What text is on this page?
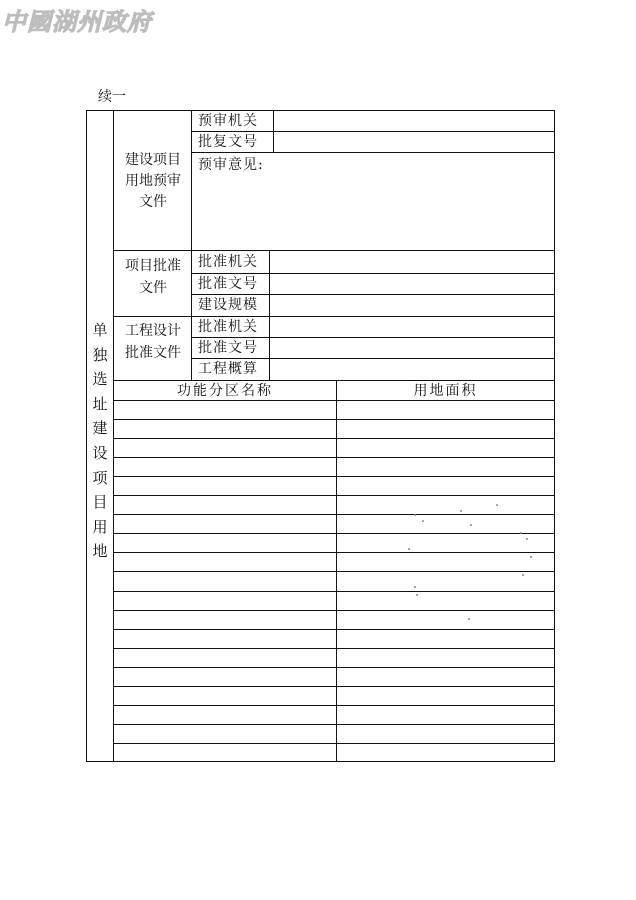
中國湖州政府
续一
单
独
选
址
建
设
项
目
用
地
建设项目
用地预审
文件
预审机关
批复文号
预审意见:
项目批准
文件
批准机关
批准文号
建设规模
工程设计
批准文件
批准机关
批准文号
工程概算
功能分区名称	用地面积
